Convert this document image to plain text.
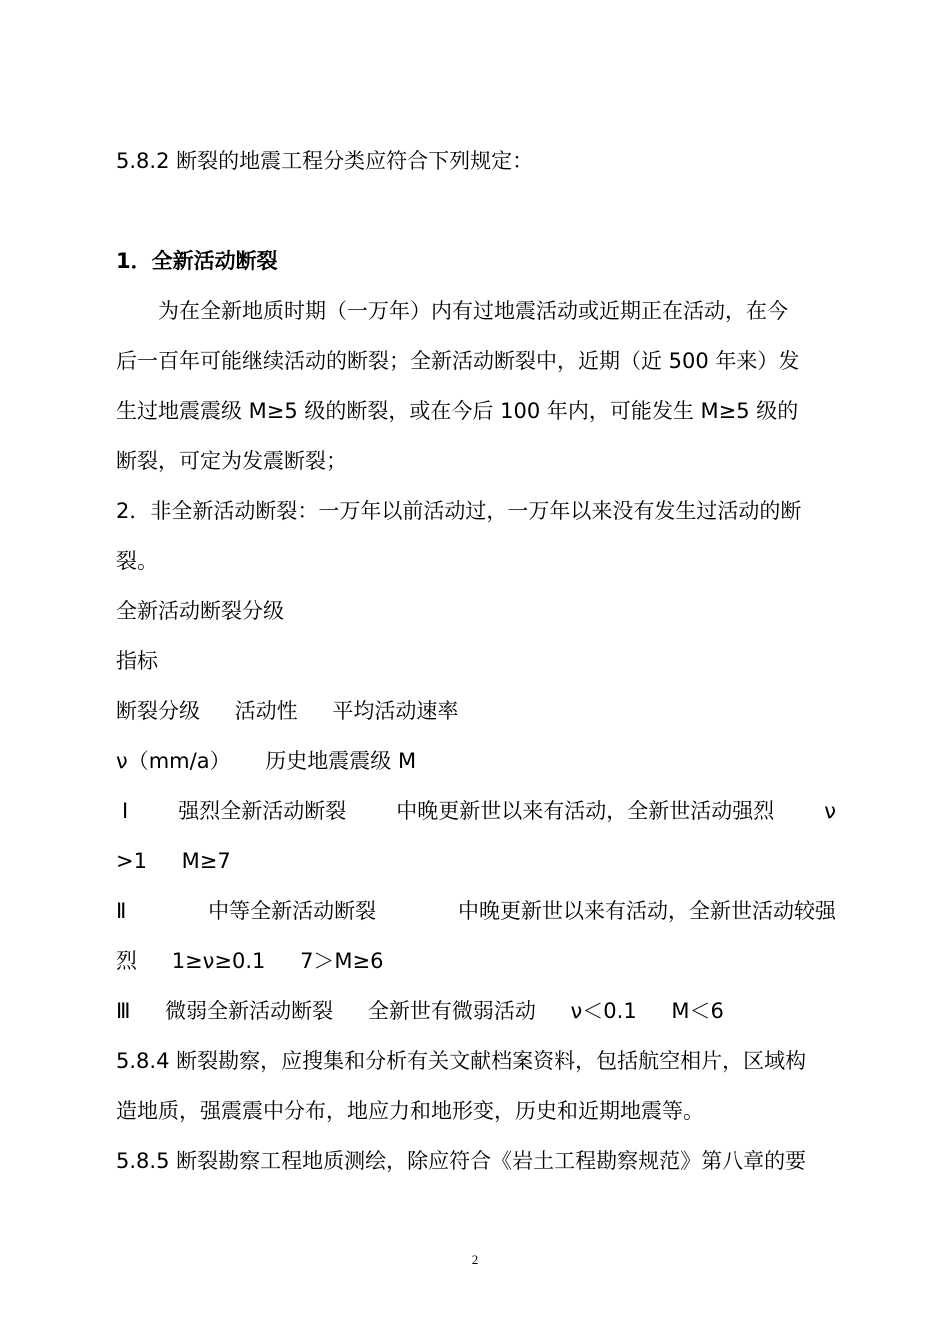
5.8.2 断裂的地震工程分类应符合下列规定：
1．全新活动断裂
为在全新地质时期（一万年）内有过地震活动或近期正在活动，在今
后一百年可能继续活动的断裂；全新活动断裂中，近期（近 500 年来）发
生过地震震级 M≥5 级的断裂，或在今后 100 年内，可能发生 M≥5 级的
断裂，可定为发震断裂；
2．非全新活动断裂：一万年以前活动过，一万年以来没有发生过活动的断
裂。
全新活动断裂分级
指标
断裂分级 活动性 平均活动速率
ν（mm/a） 历史地震震级 M
Ⅰ 强烈全新活动断裂 中晚更新世以来有活动，全新世活动强烈 ν
>1 M≥7
Ⅱ	中等全新活动断裂	中晚更新世以来有活动，全新世活动较强
烈 1≥ν≥0.1 7＞M≥6
Ⅲ 微弱全新活动断裂 全新世有微弱活动 ν＜0.1 M＜6
5.8.4 断裂勘察，应搜集和分析有关文献档案资料，包括航空相片，区域构
造地质，强震震中分布，地应力和地形变，历史和近期地震等。
5.8.5 断裂勘察工程地质测绘，除应符合《岩土工程勘察规范》第八章的要
2
